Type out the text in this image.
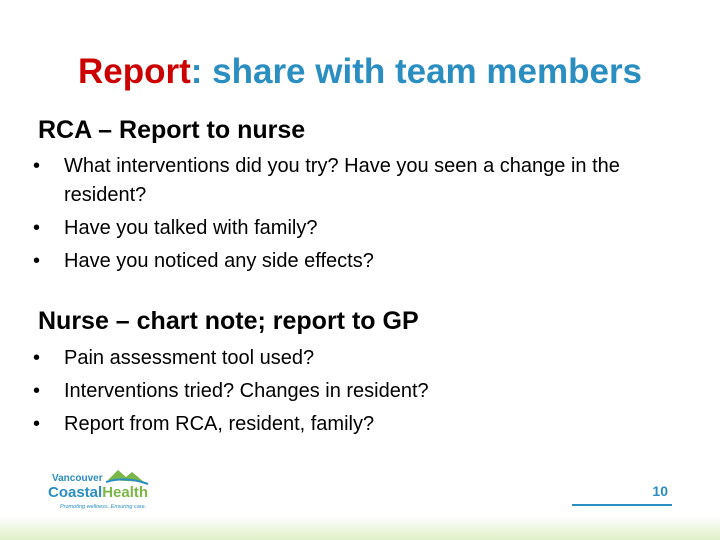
Report: share with team members
RCA – Report to nurse
• What interventions did you try? Have you seen a change in the resident?
• Have you talked with family?
• Have you noticed any side effects?
Nurse – chart note; report to GP
• Pain assessment tool used?
• Interventions tried? Changes in resident?
• Report from RCA, resident, family?
Vancouver
CoastalHealth
Promoting wellness. Ensuring care.
10
